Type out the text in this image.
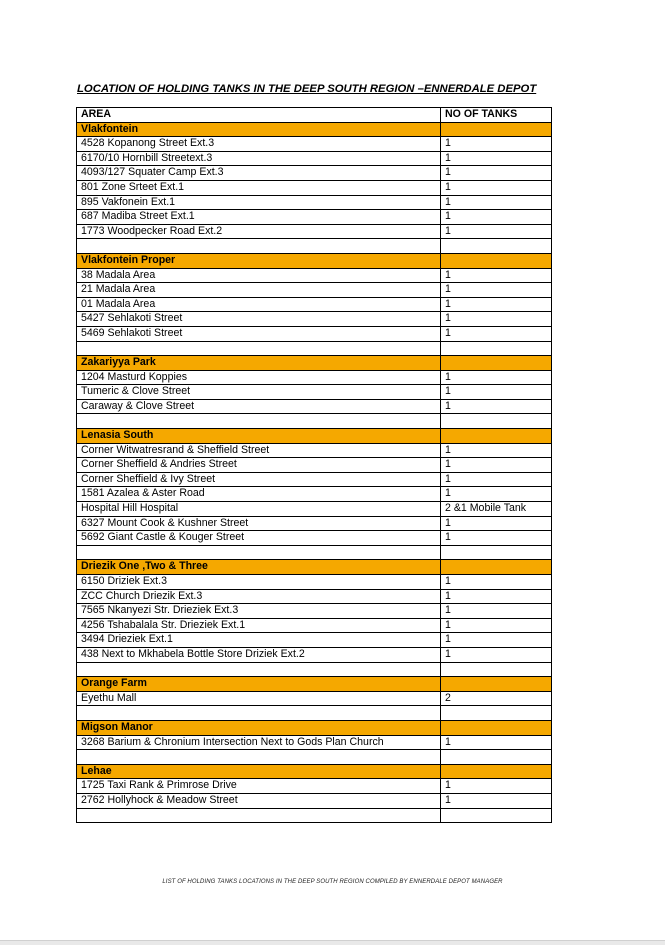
LOCATION OF HOLDING TANKS IN THE DEEP SOUTH REGION –ENNERDALE DEPOT
AREA	NO OF TANKS
Vlakfontein	
4528 Kopanong Street Ext.3	1
6170/10 Hornbill Streetext.3	1
4093/127 Squater Camp Ext.3	1
801 Zone Srteet Ext.1	1
895 Vakfonein Ext.1	1
687 Madiba Street Ext.1	1
1773 Woodpecker Road Ext.2	1

Vlakfontein Proper	
38 Madala Area	1
21 Madala Area	1
01 Madala Area	1
5427 Sehlakoti Street	1
5469 Sehlakoti Street	1

Zakariyya Park	
1204 Masturd Koppies	1
Tumeric & Clove Street	1
Caraway & Clove Street	1

Lenasia South	
Corner Witwatresrand & Sheffield Street	1
Corner Sheffield & Andries Street	1
Corner Sheffield & Ivy Street	1
1581 Azalea & Aster Road	1
Hospital Hill Hospital	2 &1 Mobile Tank
6327 Mount Cook & Kushner Street	1
5692 Giant Castle & Kouger Street	1

Driezik One ,Two & Three	
6150 Driziek Ext.3	1
ZCC Church Driezik Ext.3	1
7565 Nkanyezi Str. Drieziek Ext.3	1
4256 Tshabalala Str. Drieziek Ext.1	1
3494 Drieziek Ext.1	1
438 Next to Mkhabela Bottle Store Driziek Ext.2	1

Orange Farm	
Eyethu Mall	2

Migson Manor	
3268 Barium & Chronium Intersection Next to Gods Plan Church	1

Lehae	
1725 Taxi Rank & Primrose Drive	1
2762 Hollyhock & Meadow Street	1

LIST OF HOLDING TANKS LOCATIONS IN THE DEEP SOUTH REGION COMPILED BY ENNERDALE DEPOT MANAGER
